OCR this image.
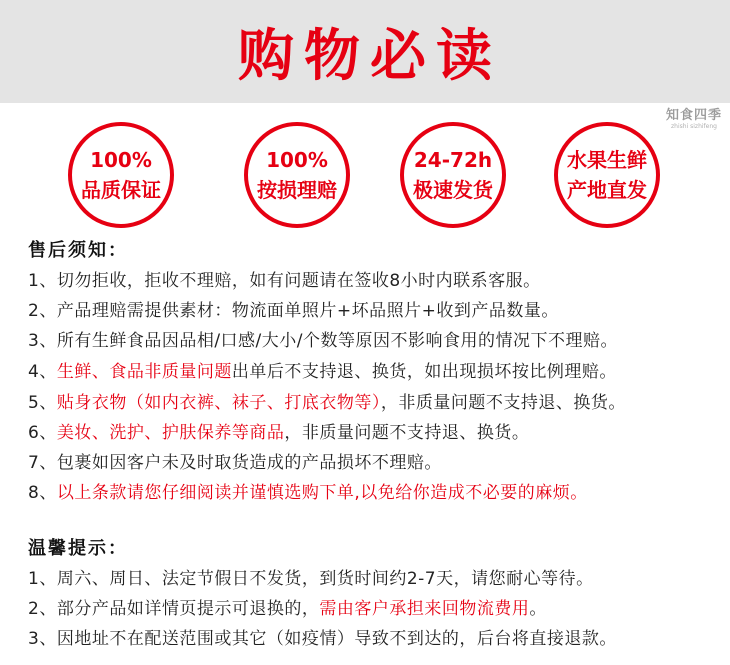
购物必读
知食四季
zhishi sizhifeng
100%
品质保证
100%
按损理赔
24-72h
极速发货
水果生鲜
产地直发
售后须知：
1、切勿拒收，拒收不理赔，如有问题请在签收8小时内联系客服。
2、产品理赔需提供素材：物流面单照片+坏品照片+收到产品数量。
3、所有生鲜食品因品相/口感/大小/个数等原因不影响食用的情况下不理赔。
4、生鲜、食品非质量问题出单后不支持退、换货，如出现损坏按比例理赔。
5、贴身衣物（如内衣裤、袜子、打底衣物等），非质量问题不支持退、换货。
6、美妆、洗护、护肤保养等商品，非质量问题不支持退、换货。
7、包裹如因客户未及时取货造成的产品损坏不理赔。
8、以上条款请您仔细阅读并谨慎选购下单,以免给你造成不必要的麻烦。
温馨提示：
1、周六、周日、法定节假日不发货，到货时间约2-7天，请您耐心等待。
2、部分产品如详情页提示可退换的，需由客户承担来回物流费用。
3、因地址不在配送范围或其它（如疫情）导致不到达的，后台将直接退款。
